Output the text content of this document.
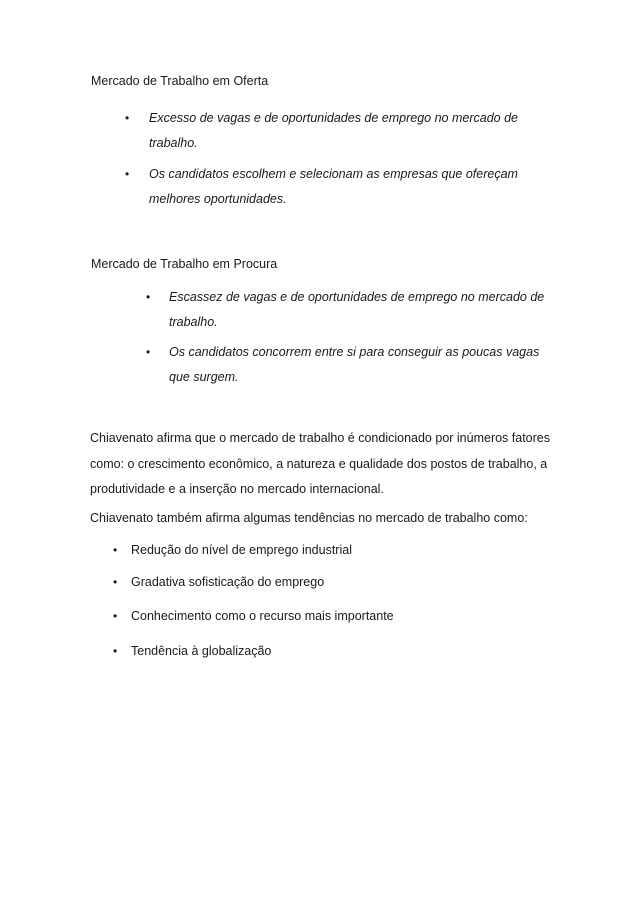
Mercado de Trabalho em Oferta

• Excesso de vagas e de oportunidades de emprego no mercado de trabalho.
• Os candidatos escolhem e selecionam as empresas que ofereçam melhores oportunidades.

Mercado de Trabalho em Procura

• Escassez de vagas e de oportunidades de emprego no mercado de trabalho.
• Os candidatos concorrem entre si para conseguir as poucas vagas que surgem.

Chiavenato afirma que o mercado de trabalho é condicionado por inúmeros fatores como: o crescimento econômico, a natureza e qualidade dos postos de trabalho, a produtividade e a inserção no mercado internacional.

Chiavenato também afirma algumas tendências no mercado de trabalho como:

• Redução do nível de emprego industrial
• Gradativa sofisticação do emprego
• Conhecimento como o recurso mais importante
• Tendência à globalização
